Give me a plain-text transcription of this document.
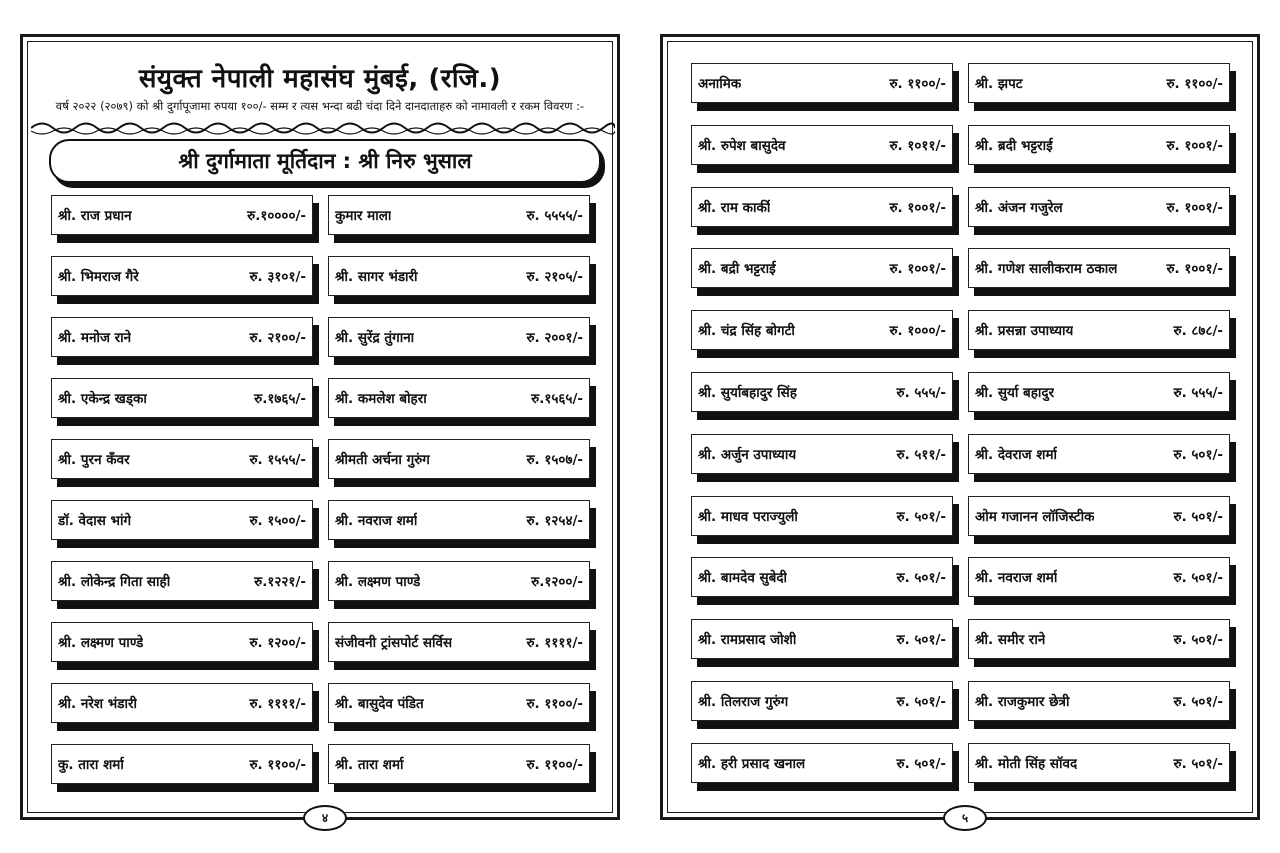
संयुक्त नेपाली महासंघ मुंबई, (रजि.)
वर्ष २०२२ (२०७९) को श्री दुर्गापूजामा रुपया १००/- सम्म र त्यस भन्दा बढी चंदा दिने दानदाताहरु को नामावली र रकम विवरण :-
श्री दुर्गामाता मूर्तिदान : श्री निरु भुसाल
श्री. राज प्रधान	रु.१००००/- कुमार माला	रु. ५५५५/-
श्री. भिमराज गैरे	रु. ३१०१/- श्री. सागर भंडारी	रु. २१०५/-
श्री. मनोज राने	रु. २१००/- श्री. सुरेंद्र तुंगाना	रु. २००१/-
श्री. एकेन्द्र खड्का	रु.१७६५/- श्री. कमलेश बोहरा	रु.१५६५/-
श्री. पुरन कँवर	रु. १५५५/- श्रीमती अर्चना गुरुंग	रु. १५०७/-
डॉ. वेदास भांगे	रु. १५००/- श्री. नवराज शर्मा	रु. १२५४/-
श्री. लोकेन्द्र गिता साही	रु.१२२१/- श्री. लक्ष्मण पाण्डे	रु.१२००/-
श्री. लक्ष्मण पाण्डे	रु. १२००/- संजीवनी ट्रांसपोर्ट सर्विस	रु. ११११/-
श्री. नरेश भंडारी	रु. ११११/- श्री. बासुदेव पंडित	रु. ११००/-
कु. तारा शर्मा	रु. ११००/- श्री. तारा शर्मा	रु. ११००/-
४
अनामिक	रु. ११००/- श्री. झपट	रु. ११००/-
श्री. रुपेश बासुदेव	रु. १०११/- श्री. ब्रदी भट्टराई	रु. १००१/-
श्री. राम कार्की	रु. १००१/- श्री. अंजन गजुरेल	रु. १००१/-
श्री. बद्री भट्टराई	रु. १००१/- श्री. गणेश सालीकराम ठकाल	रु. १००१/-
श्री. चंद्र सिंह बोगटी	रु. १०००/- श्री. प्रसन्ना उपाध्याय	रु. ८७८/-
श्री. सुर्याबहादुर सिंह	रु. ५५५/- श्री. सुर्या बहादुर	रु. ५५५/-
श्री. अर्जुन उपाध्याय	रु. ५११/- श्री. देवराज शर्मा	रु. ५०१/-
श्री. माधव पराज्युली	रु. ५०१/- ओम गजानन लॉजिस्टीक	रु. ५०१/-
श्री. बामदेव सुबेदी	रु. ५०१/- श्री. नवराज शर्मा	रु. ५०१/-
श्री. रामप्रसाद जोशी	रु. ५०१/- श्री. समीर राने	रु. ५०१/-
श्री. तिलराज गुरुंग	रु. ५०१/- श्री. राजकुमार छेत्री	रु. ५०१/-
श्री. हरी प्रसाद खनाल	रु. ५०१/- श्री. मोती सिंह सॉवद	रु. ५०१/-
५
